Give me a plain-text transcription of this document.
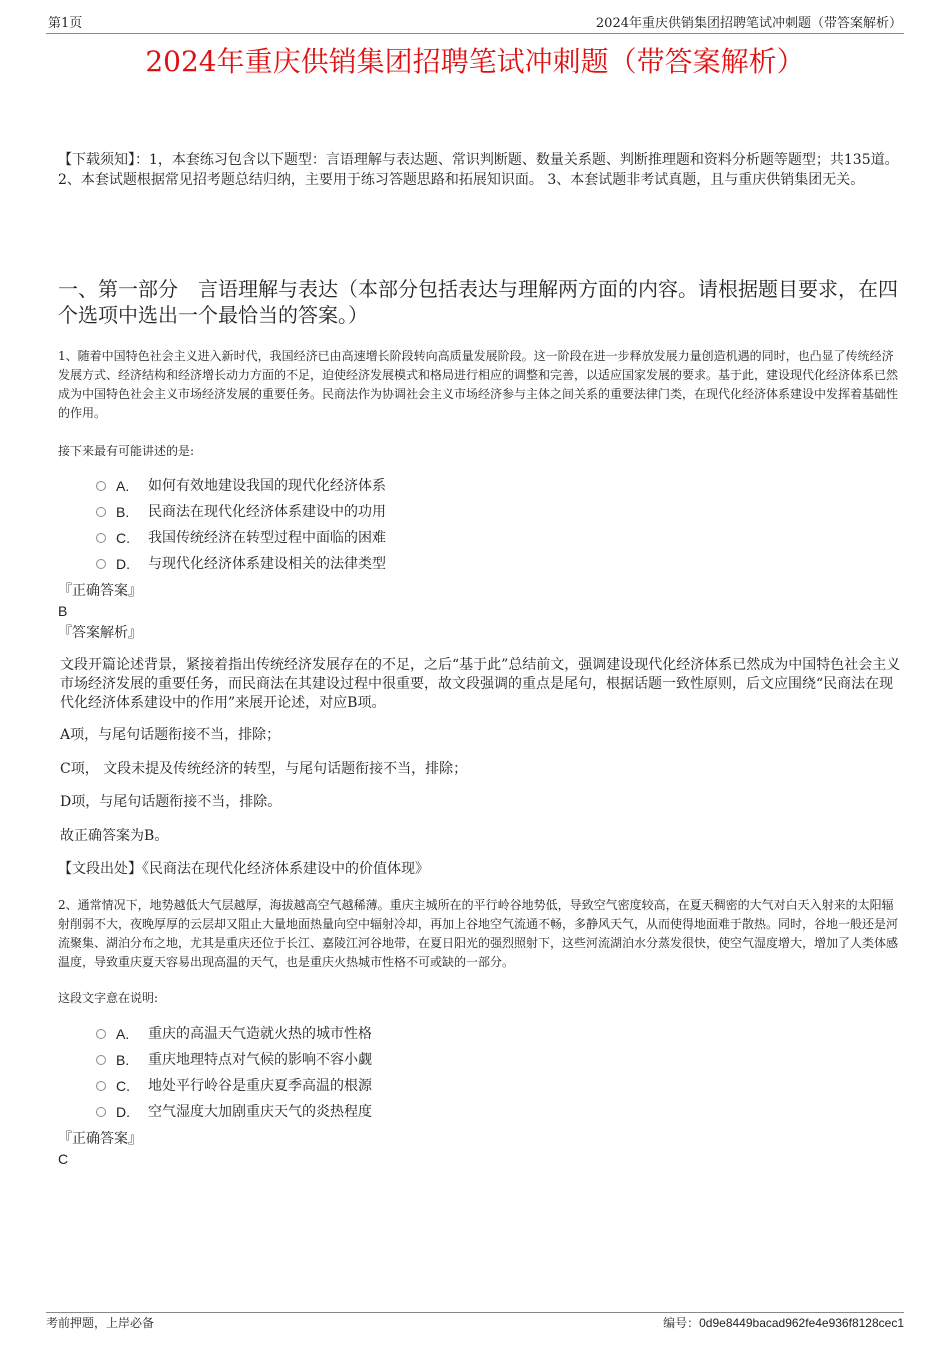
第1页	2024年重庆供销集团招聘笔试冲刺题（带答案解析）
2024年重庆供销集团招聘笔试冲刺题（带答案解析）
【下载须知】：1，本套练习包含以下题型：言语理解与表达题、常识判断题、数量关系题、判断推理题和资料分析题等题型；共135道。 2、本套试题根据常见招考题总结归纳，主要用于练习答题思路和拓展知识面。 3、本套试题非考试真题，且与重庆供销集团无关。
一、第一部分　言语理解与表达（本部分包括表达与理解两方面的内容。请根据题目要求，在四个选项中选出一个最恰当的答案。）
1、随着中国特色社会主义进入新时代，我国经济已由高速增长阶段转向高质量发展阶段。这一阶段在进一步释放发展力量创造机遇的同时，也凸显了传统经济发展方式、经济结构和经济增长动力方面的不足，迫使经济发展模式和格局进行相应的调整和完善，以适应国家发展的要求。基于此，建设现代化经济体系已然成为中国特色社会主义市场经济发展的重要任务。民商法作为协调社会主义市场经济参与主体之间关系的重要法律门类，在现代化经济体系建设中发挥着基础性的作用。
接下来最有可能讲述的是:
A.	如何有效地建设我国的现代化经济体系
B.	民商法在现代化经济体系建设中的功用
C.	我国传统经济在转型过程中面临的困难
D.	与现代化经济体系建设相关的法律类型
『正确答案』
B
『答案解析』
文段开篇论述背景，紧接着指出传统经济发展存在的不足，之后“基于此”总结前文，强调建设现代化经济体系已然成为中国特色社会主义市场经济发展的重要任务，而民商法在其建设过程中很重要，故文段强调的重点是尾句，根据话题一致性原则，后文应围绕“民商法在现代化经济体系建设中的作用”来展开论述，对应B项。
A项，与尾句话题衔接不当，排除；
C项， 文段未提及传统经济的转型，与尾句话题衔接不当，排除；
D项，与尾句话题衔接不当，排除。
故正确答案为B。
【文段出处】《民商法在现代化经济体系建设中的价值体现》
2、通常情况下，地势越低大气层越厚，海拔越高空气越稀薄。重庆主城所在的平行岭谷地势低，导致空气密度较高，在夏天稠密的大气对白天入射来的太阳辐射削弱不大，夜晚厚厚的云层却又阻止大量地面热量向空中辐射冷却，再加上谷地空气流通不畅，多静风天气，从而使得地面难于散热。同时，谷地一般还是河流聚集、湖泊分布之地，尤其是重庆还位于长江、嘉陵江河谷地带，在夏日阳光的强烈照射下，这些河流湖泊水分蒸发很快，使空气湿度增大，增加了人类体感温度，导致重庆夏天容易出现高温的天气，也是重庆火热城市性格不可或缺的一部分。
这段文字意在说明:
A.	重庆的高温天气造就火热的城市性格
B.	重庆地理特点对气候的影响不容小觑
C.	地处平行岭谷是重庆夏季高温的根源
D.	空气湿度大加剧重庆天气的炎热程度
『正确答案』
C
考前押题，上岸必备	编号：0d9e8449bacad962fe4e936f8128cec1
